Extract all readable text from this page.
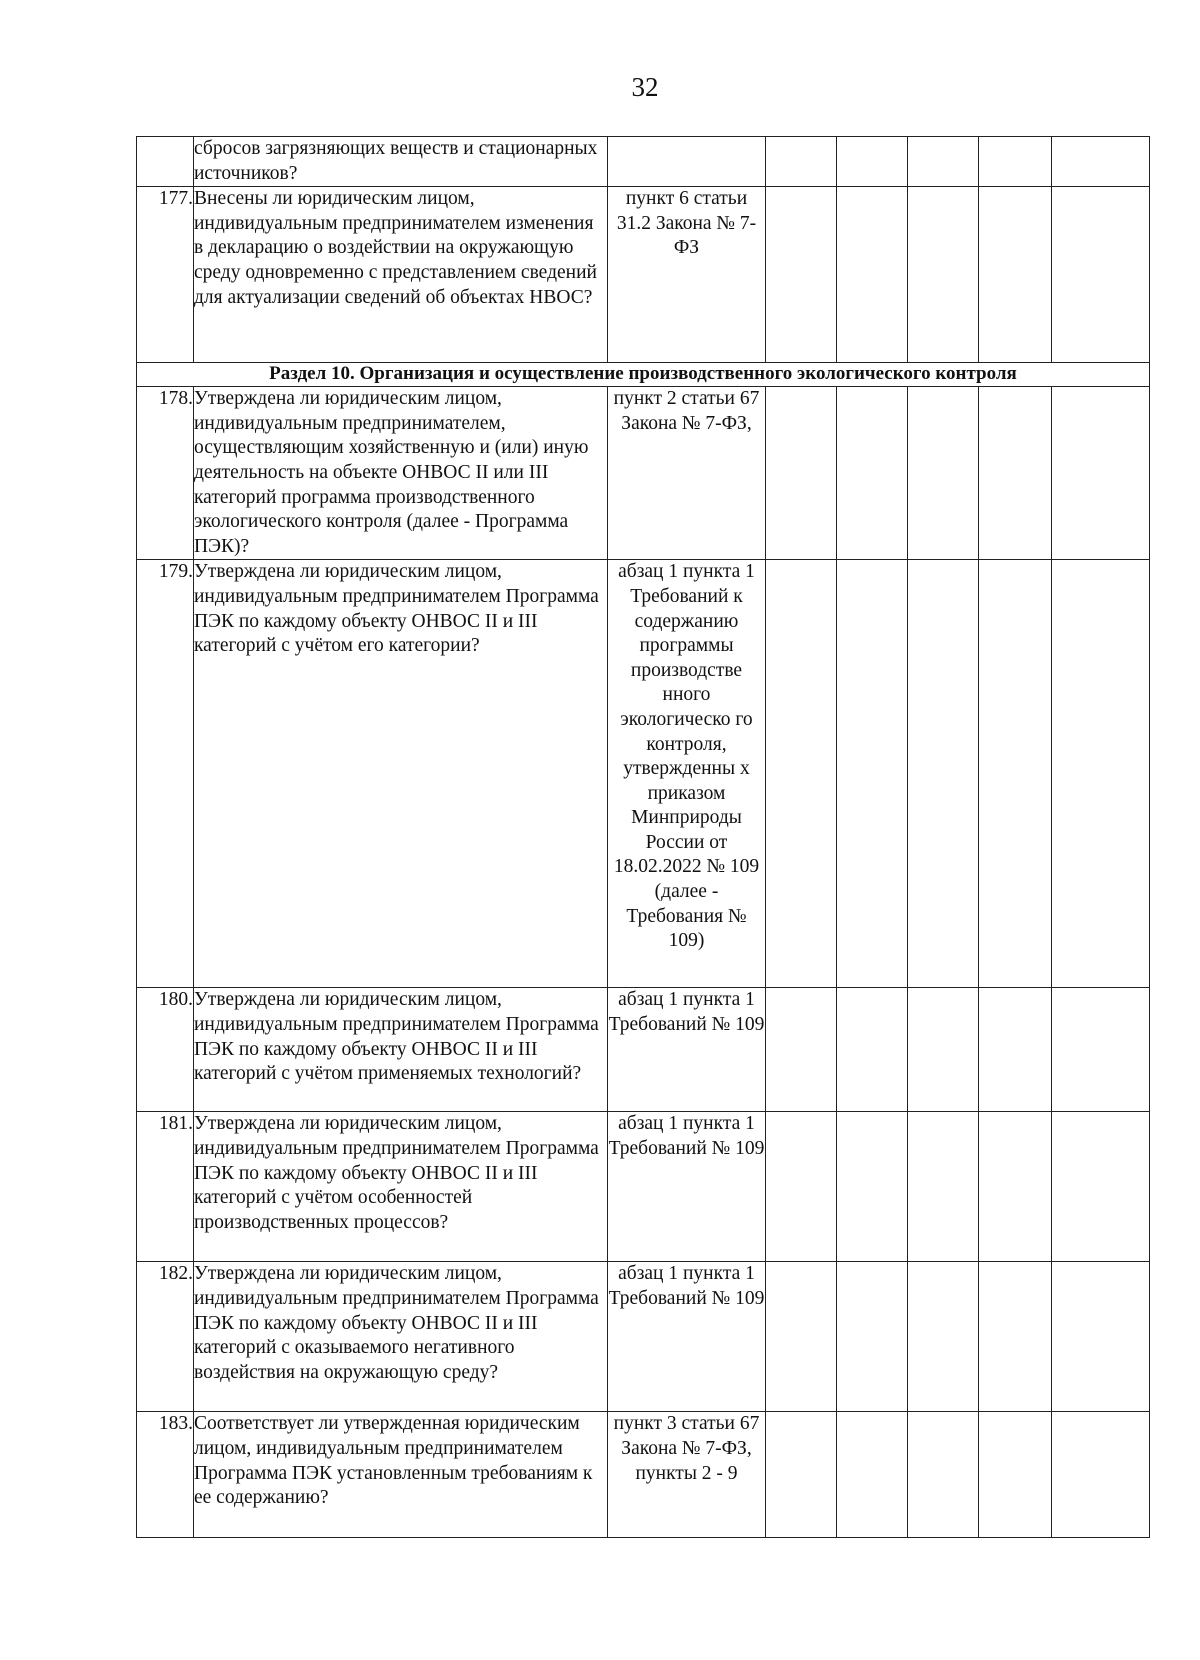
32
	сбросов загрязняющих веществ и стационарных источников?						
177.	Внесены ли юридическим лицом, индивидуальным предпринимателем изменения в декларацию о воздействии на окружающую среду одновременно с представлением сведений для актуализации сведений об объектах НВОС?	пункт 6 статьи 31.2 Закона № 7-ФЗ					
Раздел 10. Организация и осуществление производственного экологического контроля							
178.	Утверждена ли юридическим лицом, индивидуальным предпринимателем, осуществляющим хозяйственную и (или) иную деятельность на объекте ОНВОС II или III категорий программа производственного экологического контроля (далее - Программа ПЭК)?	пункт 2 статьи 67 Закона № 7-ФЗ,					
179.	Утверждена ли юридическим лицом, индивидуальным предпринимателем Программа ПЭК по каждому объекту ОНВОС II и III категорий с учётом его категории?	абзац 1 пункта 1 Требований к содержанию программы производстве нного экологическо го контроля, утвержденны х приказом Минприроды России от 18.02.2022 № 109 (далее - Требования № 109)					
180.	Утверждена ли юридическим лицом, индивидуальным предпринимателем Программа ПЭК по каждому объекту ОНВОС II и III категорий с учётом применяемых технологий?	абзац 1 пункта 1 Требований № 109					
181.	Утверждена ли юридическим лицом, индивидуальным предпринимателем Программа ПЭК по каждому объекту ОНВОС II и III категорий с учётом особенностей производственных процессов?	абзац 1 пункта 1 Требований № 109					
182.	Утверждена ли юридическим лицом, индивидуальным предпринимателем Программа ПЭК по каждому объекту ОНВОС II и III категорий с оказываемого негативного воздействия на окружающую среду?	абзац 1 пункта 1 Требований № 109					
183.	Соответствует ли утвержденная юридическим лицом, индивидуальным предпринимателем Программа ПЭК установленным требованиям к ее содержанию?	пункт 3 статьи 67 Закона № 7-ФЗ, пункты 2 - 9					
